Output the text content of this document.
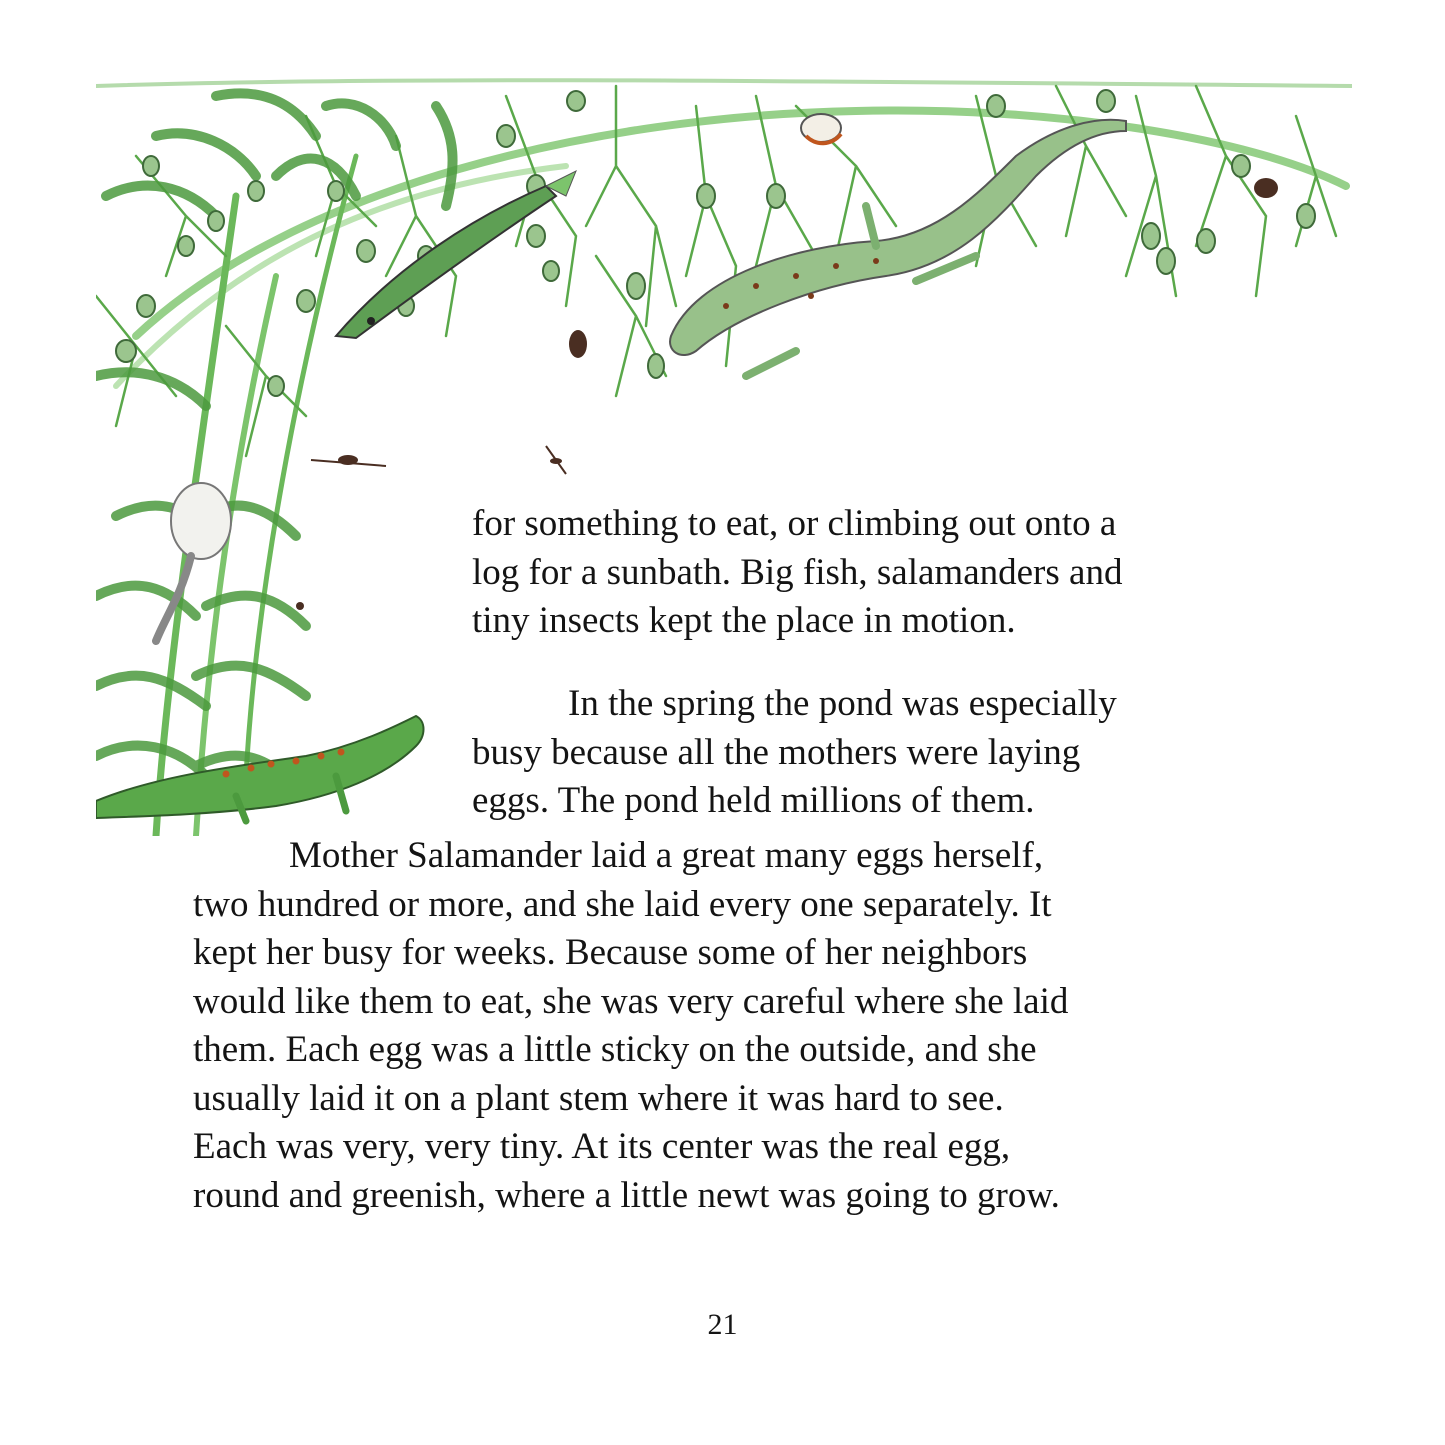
for something to eat, or climbing out onto a
log for a sunbath. Big fish, salamanders and
tiny insects kept the place in motion.
In the spring the pond was especially
busy because all the mothers were laying
eggs. The pond held millions of them.
Mother Salamander laid a great many eggs herself,
two hundred or more, and she laid every one separately. It
kept her busy for weeks. Because some of her neighbors
would like them to eat, she was very careful where she laid
them. Each egg was a little sticky on the outside, and she
usually laid it on a plant stem where it was hard to see.
Each was very, very tiny. At its center was the real egg,
round and greenish, where a little newt was going to grow.
21
